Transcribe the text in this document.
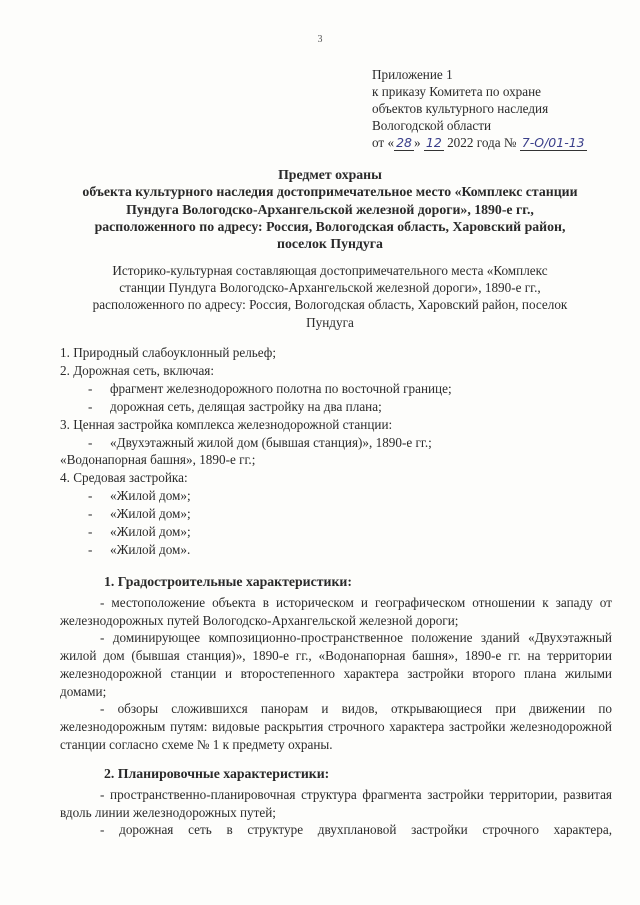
3
Приложение 1
к приказу Комитета по охране
объектов культурного наследия
Вологодской области
от « 28 » 12 2022 года № 7-О/01-13
Предмет охраны
объекта культурного наследия достопримечательное место «Комплекс станции
Пундуга Вологодско-Архангельской железной дороги», 1890-е гг.,
расположенного по адресу: Россия, Вологодская область, Харовский район,
поселок Пундуга
Историко-культурная составляющая достопримечательного места «Комплекс
станции Пундуга Вологодско-Архангельской железной дороги», 1890-е гг.,
расположенного по адресу: Россия, Вологодская область, Харовский район, поселок
Пундуга
1. Природный слабоуклонный рельеф;
2. Дорожная сеть, включая:
- фрагмент железнодорожного полотна по восточной границе;
- дорожная сеть, делящая застройку на два плана;
3. Ценная застройка комплекса железнодорожной станции:
- «Двухэтажный жилой дом (бывшая станция)», 1890-е гг.;
«Водонапорная башня», 1890-е гг.;
4. Средовая застройка:
- «Жилой дом»;
- «Жилой дом»;
- «Жилой дом»;
- «Жилой дом».
1. Градостроительные характеристики:

- местоположение объекта в историческом и географическом отношении к западу от железнодорожных путей Вологодско-Архангельской железной дороги;

- доминирующее композиционно-пространственное положение зданий «Двухэтажный жилой дом (бывшая станция)», 1890-е гг., «Водонапорная башня», 1890-е гг. на территории железнодорожной станции и второстепенного характера застройки второго плана жилыми домами;

- обзоры сложившихся панорам и видов, открывающиеся при движении по железнодорожным путям: видовые раскрытия строчного характера застройки железнодорожной станции согласно схеме № 1 к предмету охраны.

2. Планировочные характеристики:

- пространственно-планировочная структура фрагмента застройки территории, развитая вдоль линии железнодорожных путей;

- дорожная сеть в структуре двухплановой застройки строчного характера,
